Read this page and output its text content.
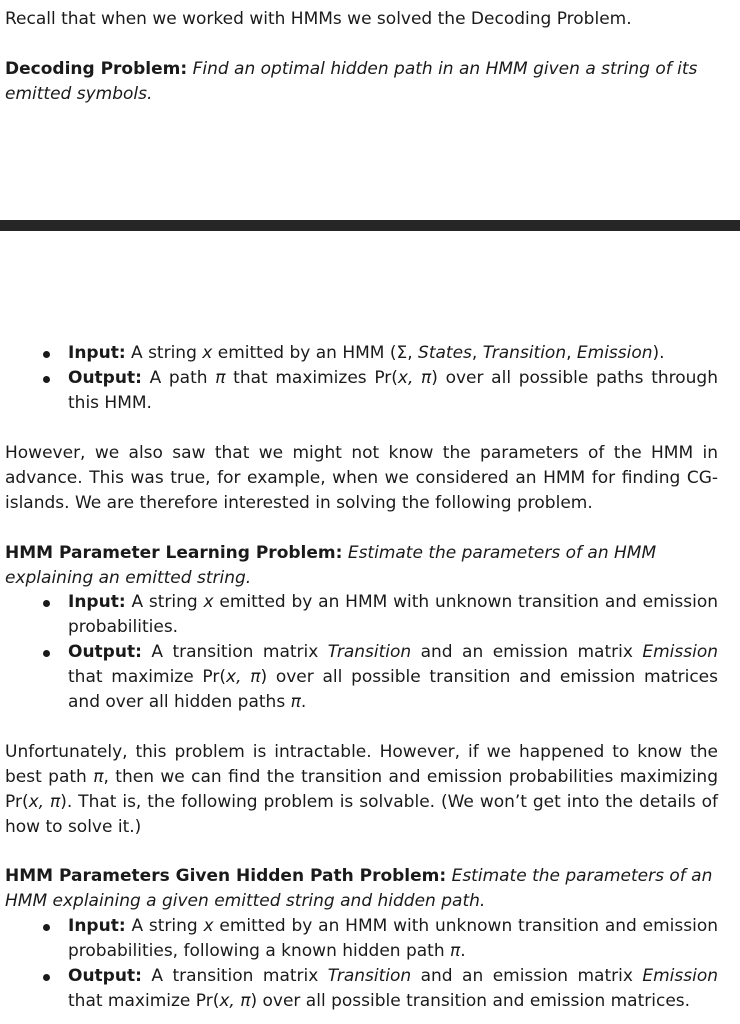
Recall that when we worked with HMMs we solved the Decoding Problem.

Decoding Problem: Find an optimal hidden path in an HMM given a string of its emitted symbols.

Input: A string x emitted by an HMM (Σ, States, Transition, Emission).
Output: A path π that maximizes Pr(x, π) over all possible paths through this HMM.

However, we also saw that we might not know the parameters of the HMM in advance. This was true, for example, when we considered an HMM for finding CG-islands. We are therefore interested in solving the following problem.

HMM Parameter Learning Problem: Estimate the parameters of an HMM explaining an emitted string.

Input: A string x emitted by an HMM with unknown transition and emission probabilities.
Output: A transition matrix Transition and an emission matrix Emission that maximize Pr(x, π) over all possible transition and emission matrices and over all hidden paths π.

Unfortunately, this problem is intractable. However, if we happened to know the best path π, then we can find the transition and emission probabilities maximizing Pr(x, π). That is, the following problem is solvable. (We won’t get into the details of how to solve it.)

HMM Parameters Given Hidden Path Problem: Estimate the parameters of an HMM explaining a given emitted string and hidden path.

Input: A string x emitted by an HMM with unknown transition and emission probabilities, following a known hidden path π.
Output: A transition matrix Transition and an emission matrix Emission that maximize Pr(x, π) over all possible transition and emission matrices.
